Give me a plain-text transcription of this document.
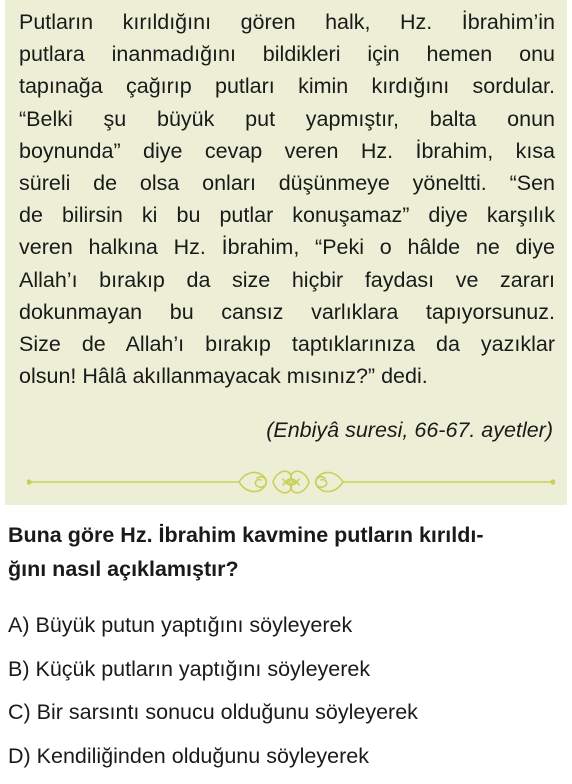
Putların kırıldığını gören halk, Hz. İbrahim’in
putlara inanmadığını bildikleri için hemen onu
tapınağa çağırıp putları kimin kırdığını sordular.
“Belki şu büyük put yapmıştır, balta onun
boynunda” diye cevap veren Hz. İbrahim, kısa
süreli de olsa onları düşünmeye yöneltti. “Sen
de bilirsin ki bu putlar konuşamaz” diye karşılık
veren halkına Hz. İbrahim, “Peki o hâlde ne diye
Allah’ı bırakıp da size hiçbir faydası ve zararı
dokunmayan bu cansız varlıklara tapıyorsunuz.
Size de Allah’ı bırakıp taptıklarınıza da yazıklar
olsun! Hâlâ akıllanmayacak mısınız?” dedi.
(Enbiyâ suresi, 66-67. ayetler)
Buna göre Hz. İbrahim kavmine putların kırıldı-
ğını nasıl açıklamıştır?
A) Büyük putun yaptığını söyleyerek
B) Küçük putların yaptığını söyleyerek
C) Bir sarsıntı sonucu olduğunu söyleyerek
D) Kendiliğinden olduğunu söyleyerek
